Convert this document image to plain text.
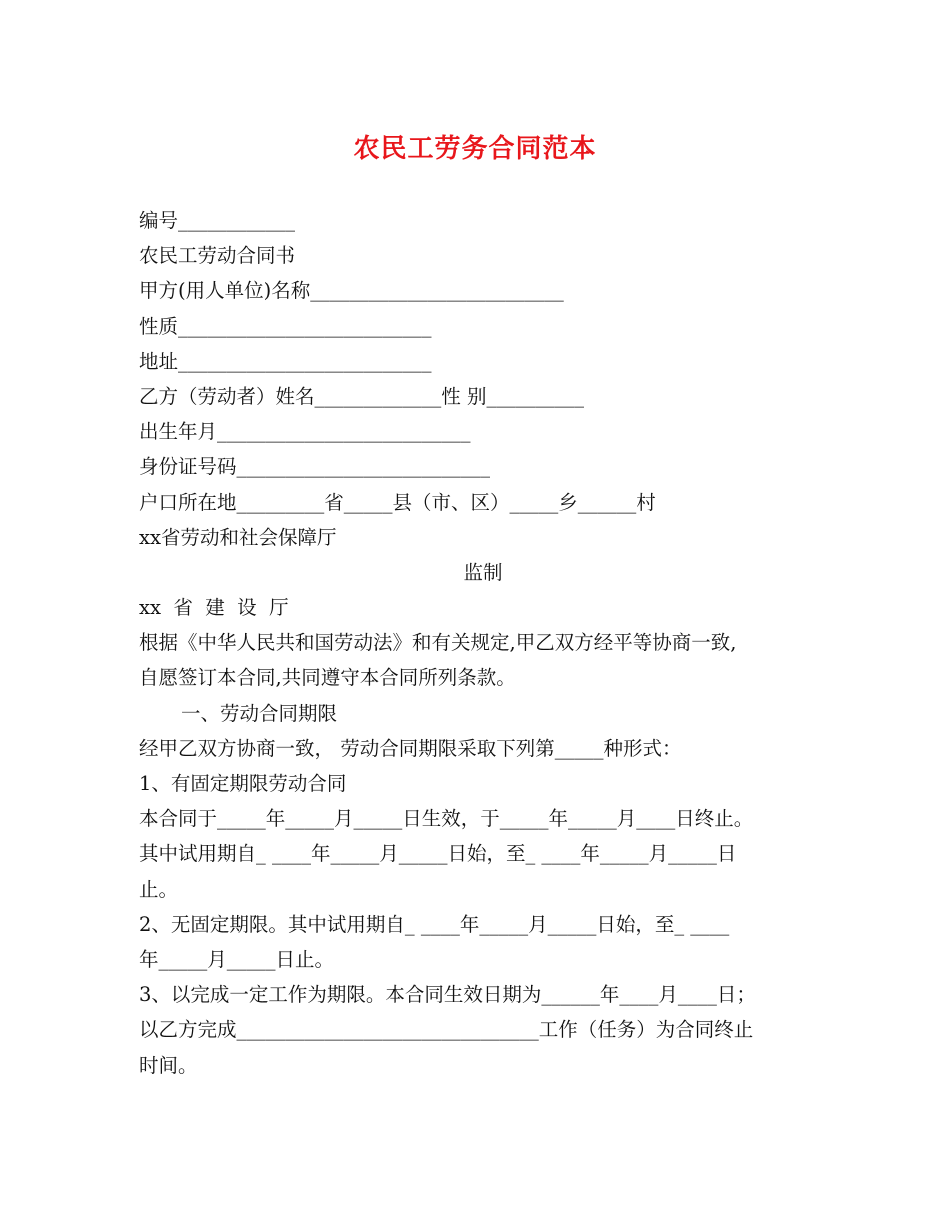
农民工劳务合同范本
编号____________
农民工劳动合同书
甲方(用人单位)名称__________________________
性质__________________________
地址__________________________
乙方（劳动者）姓名_____________性 别__________
出生年月__________________________
身份证号码__________________________
户口所在地_________省_____县（市、区）_____乡______村
xx省劳动和社会保障厅
监制
xx  省  建  设  厅
根据《中华人民共和国劳动法》和有关规定,甲乙双方经平等协商一致,
自愿签订本合同,共同遵守本合同所列条款。
一、劳动合同期限
经甲乙双方协商一致， 劳动合同期限采取下列第_____种形式：
1、有固定期限劳动合同
本合同于_____年_____月_____日生效，于_____年_____月____日终止。
其中试用期自_ ____年_____月_____日始，至_ ____年_____月_____日
止。
2、无固定期限。其中试用期自_ ____年_____月_____日始，至_ ____
年_____月_____日止。
3、以完成一定工作为期限。本合同生效日期为______年____月____日；
以乙方完成_______________________________工作（任务）为合同终止
时间。
